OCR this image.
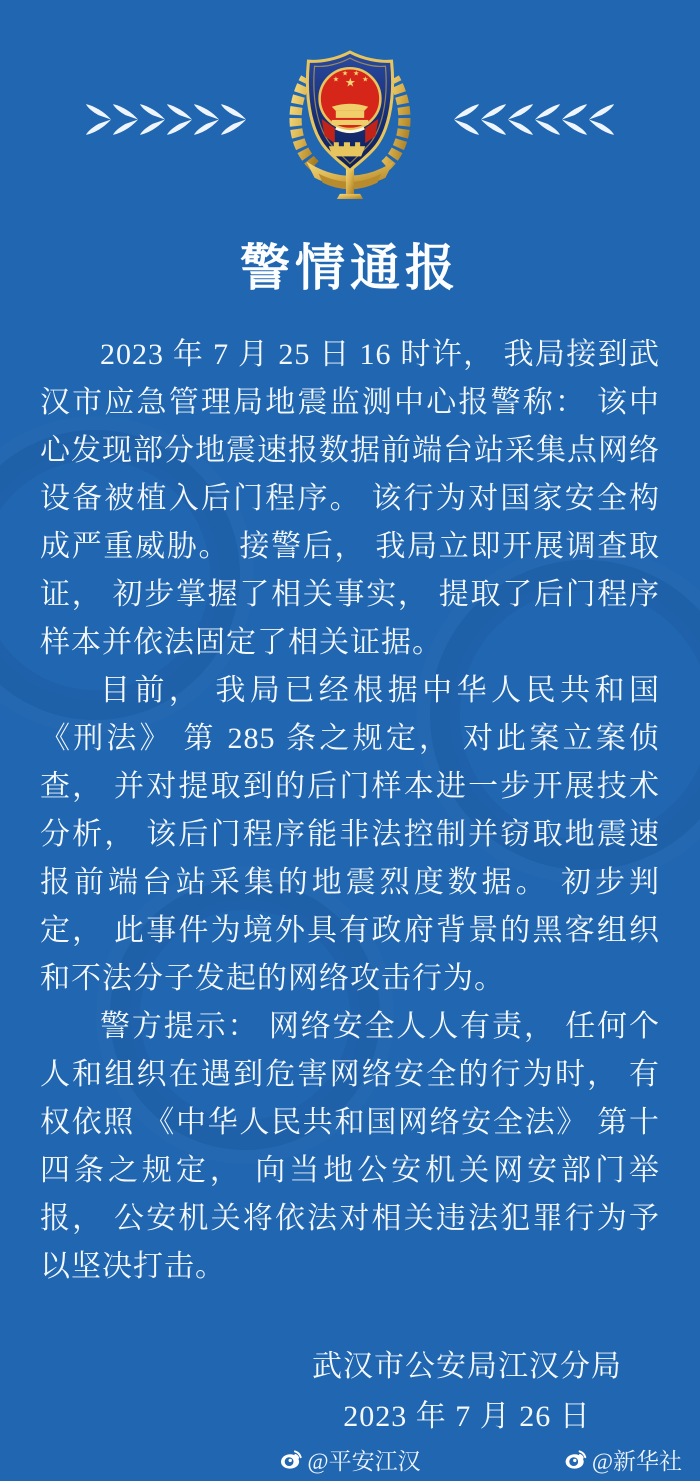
★
★
★ ★
★
警情通报

2023 年 7 月 25 日 16 时许， 我局接到武汉市应急管理局地震监测中心报警称： 该中心发现部分地震速报数据前端台站采集点网络设备被植入后门程序。 该行为对国家安全构成严重威胁。 接警后， 我局立即开展调查取证， 初步掌握了相关事实， 提取了后门程序样本并依法固定了相关证据。

目前， 我局已经根据中华人民共和国 《刑法》 第 285 条之规定， 对此案立案侦查， 并对提取到的后门样本进一步开展技术分析， 该后门程序能非法控制并窃取地震速报前端台站采集的地震烈度数据。 初步判定， 此事件为境外具有政府背景的黑客组织和不法分子发起的网络攻击行为。

警方提示： 网络安全人人有责， 任何个人和组织在遇到危害网络安全的行为时， 有权依照 《中华人民共和国网络安全法》 第十四条之规定， 向当地公安机关网安部门举报， 公安机关将依法对相关违法犯罪行为予以坚决打击。

武汉市公安局江汉分局
2023 年 7 月 26 日
@平安江汉	@新华社
